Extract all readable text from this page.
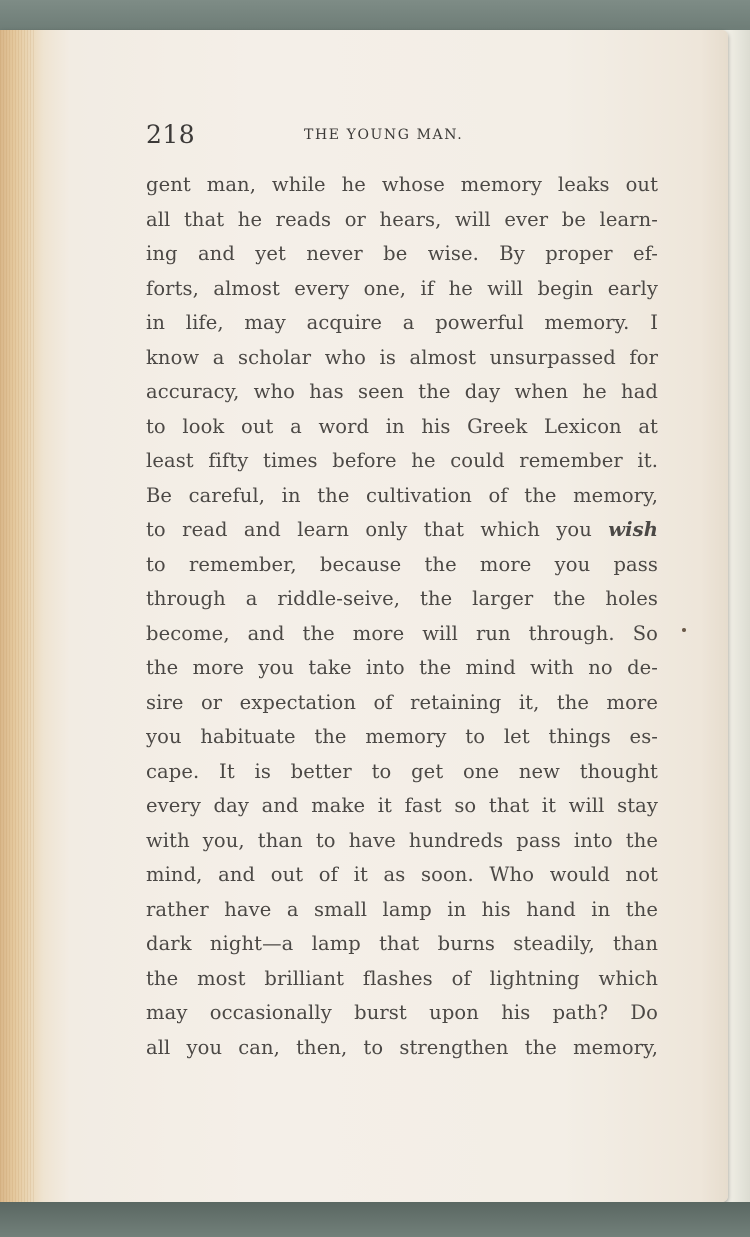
218	THE YOUNG MAN.
gent man, while he whose memory leaks out
all that he reads or hears, will ever be learn-
ing and yet never be wise. By proper ef-
forts, almost every one, if he will begin early
in life, may acquire a powerful memory. I
know a scholar who is almost unsurpassed for
accuracy, who has seen the day when he had
to look out a word in his Greek Lexicon at
least fifty times before he could remember it.
Be careful, in the cultivation of the memory,
to read and learn only that which you wish
to remember, because the more you pass
through a riddle-seive, the larger the holes
become, and the more will run through. So
the more you take into the mind with no de-
sire or expectation of retaining it, the more
you habituate the memory to let things es-
cape. It is better to get one new thought
every day and make it fast so that it will stay
with you, than to have hundreds pass into the
mind, and out of it as soon. Who would not
rather have a small lamp in his hand in the
dark night—a lamp that burns steadily, than
the most brilliant flashes of lightning which
may occasionally burst upon his path? Do
all you can, then, to strengthen the memory,
